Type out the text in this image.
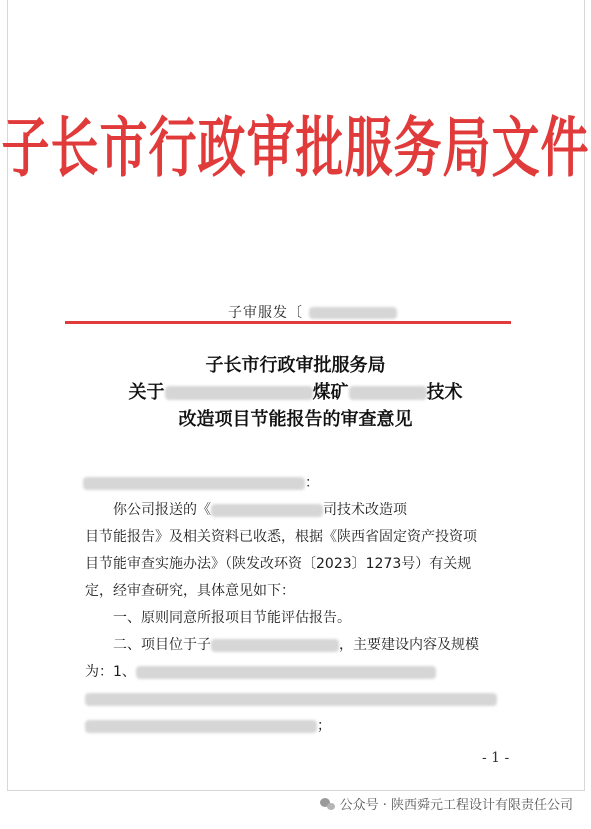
子长市行政审批服务局文件
子审服发〔
子长市行政审批服务局
关于	煤矿	技术
改造项目节能报告的审查意见

：

你公司报送的《	司技术改造项

目节能报告》及相关资料已收悉，根据《陕西省固定资产投资项

目节能审查实施办法》（陕发改环资〔2023〕1273号）有关规

定，经审查研究，具体意见如下：

一、原则同意所报项目节能评估报告。

二、项目位于子	，主要建设内容及规模

为：1、

；

- 1 -
公众号 · 陕西舜元工程设计有限责任公司
